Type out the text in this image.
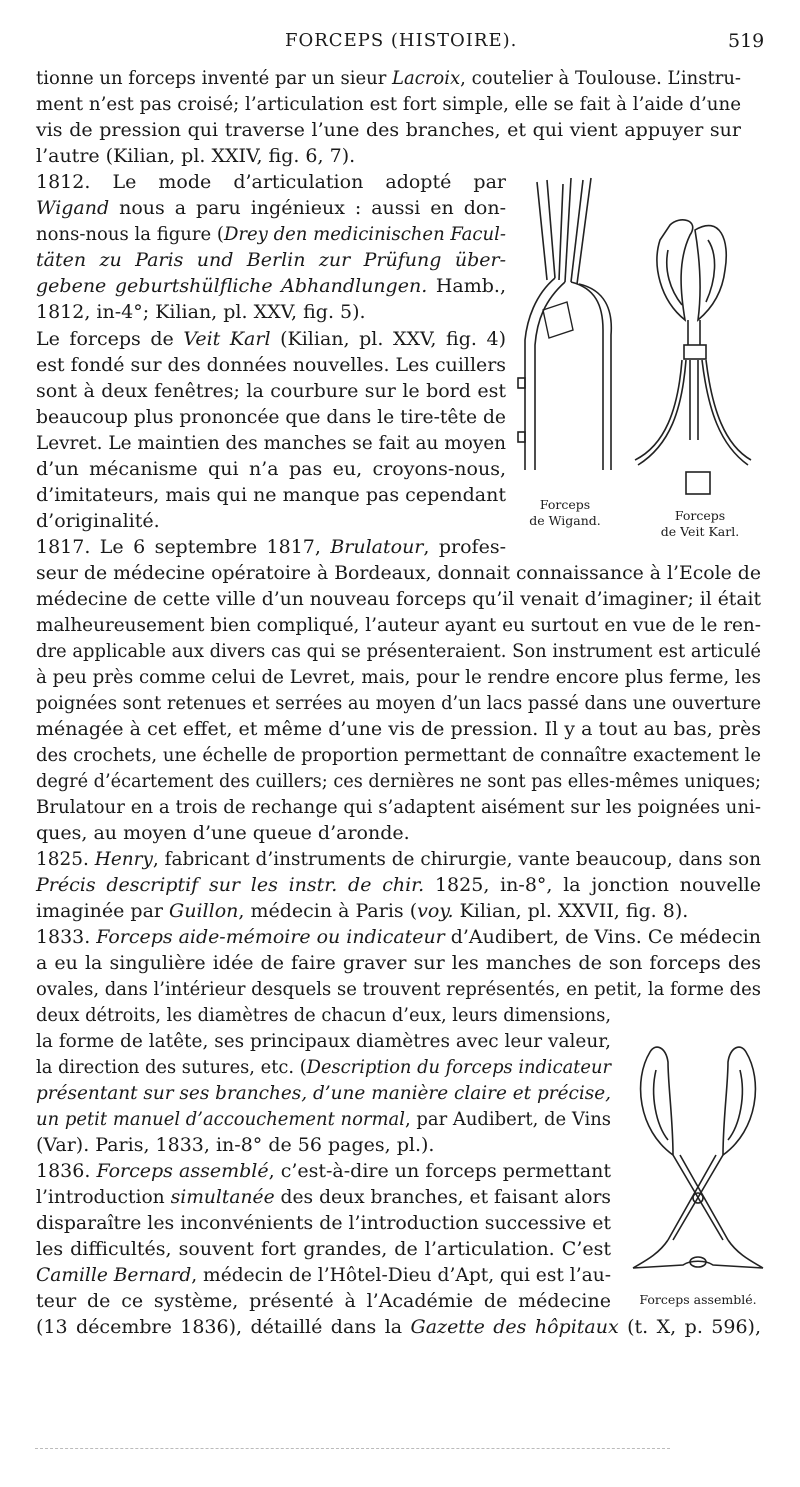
FORCEPS (HISTOIRE).	519
tionne un forceps inventé par un sieur Lacroix, coutelier à Toulouse. L’instru-
ment n’est pas croisé; l’articulation est fort simple, elle se fait à l’aide d’une
vis de pression qui traverse l’une des branches, et qui vient appuyer sur
l’autre (Kilian, pl. XXIV, fig. 6, 7).
1812. Le mode d’articulation adopté par
Wigand nous a paru ingénieux : aussi en don-
nons-nous la figure (Drey den medicinischen Facul-
täten zu Paris und Berlin zur Prüfung über-
gebene geburtshülfliche Abhandlungen. Hamb.,
1812, in-4°; Kilian, pl. XXV, fig. 5).
Le forceps de Veit Karl (Kilian, pl. XXV, fig. 4)
est fondé sur des données nouvelles. Les cuillers
sont à deux fenêtres; la courbure sur le bord est
beaucoup plus prononcée que dans le tire-tête de
Levret. Le maintien des manches se fait au moyen
d’un mécanisme qui n’a pas eu, croyons-nous,
d’imitateurs, mais qui ne manque pas cependant
d’originalité.
1817. Le 6 septembre 1817, Brulatour, profes-
seur de médecine opératoire à Bordeaux, donnait connaissance à l’Ecole de
médecine de cette ville d’un nouveau forceps qu’il venait d’imaginer; il était
malheureusement bien compliqué, l’auteur ayant eu surtout en vue de le ren-
dre applicable aux divers cas qui se présenteraient. Son instrument est articulé
à peu près comme celui de Levret, mais, pour le rendre encore plus ferme, les
poignées sont retenues et serrées au moyen d’un lacs passé dans une ouverture
ménagée à cet effet, et même d’une vis de pression. Il y a tout au bas, près
des crochets, une échelle de proportion permettant de connaître exactement le
degré d’écartement des cuillers; ces dernières ne sont pas elles-mêmes uniques;
Brulatour en a trois de rechange qui s’adaptent aisément sur les poignées uni-
ques, au moyen d’une queue d’aronde.
1825. Henry, fabricant d’instruments de chirurgie, vante beaucoup, dans son
Précis descriptif sur les instr. de chir. 1825, in-8°, la jonction nouvelle
imaginée par Guillon, médecin à Paris (voy. Kilian, pl. XXVII, fig. 8).
1833. Forceps aide-mémoire ou indicateur d’Audibert, de Vins. Ce médecin
a eu la singulière idée de faire graver sur les manches de son forceps des
ovales, dans l’intérieur desquels se trouvent représentés, en petit, la forme des
deux détroits, les diamètres de chacun d’eux, leurs dimensions,
la forme de latête, ses principaux diamètres avec leur valeur,
la direction des sutures, etc. (Description du forceps indicateur
présentant sur ses branches, d’une manière claire et précise,
un petit manuel d’accouchement normal, par Audibert, de Vins
(Var). Paris, 1833, in-8° de 56 pages, pl.).
1836. Forceps assemblé, c’est-à-dire un forceps permettant
l’introduction simultanée des deux branches, et faisant alors
disparaître les inconvénients de l’introduction successive et
les difficultés, souvent fort grandes, de l’articulation. C’est
Camille Bernard, médecin de l’Hôtel-Dieu d’Apt, qui est l’au-
teur de ce système, présenté à l’Académie de médecine
(13 décembre 1836), détaillé dans la Gazette des hôpitaux (t. X, p. 596),
Forceps
de Wigand.	Forceps
de Veit Karl.
Forceps assemblé.
